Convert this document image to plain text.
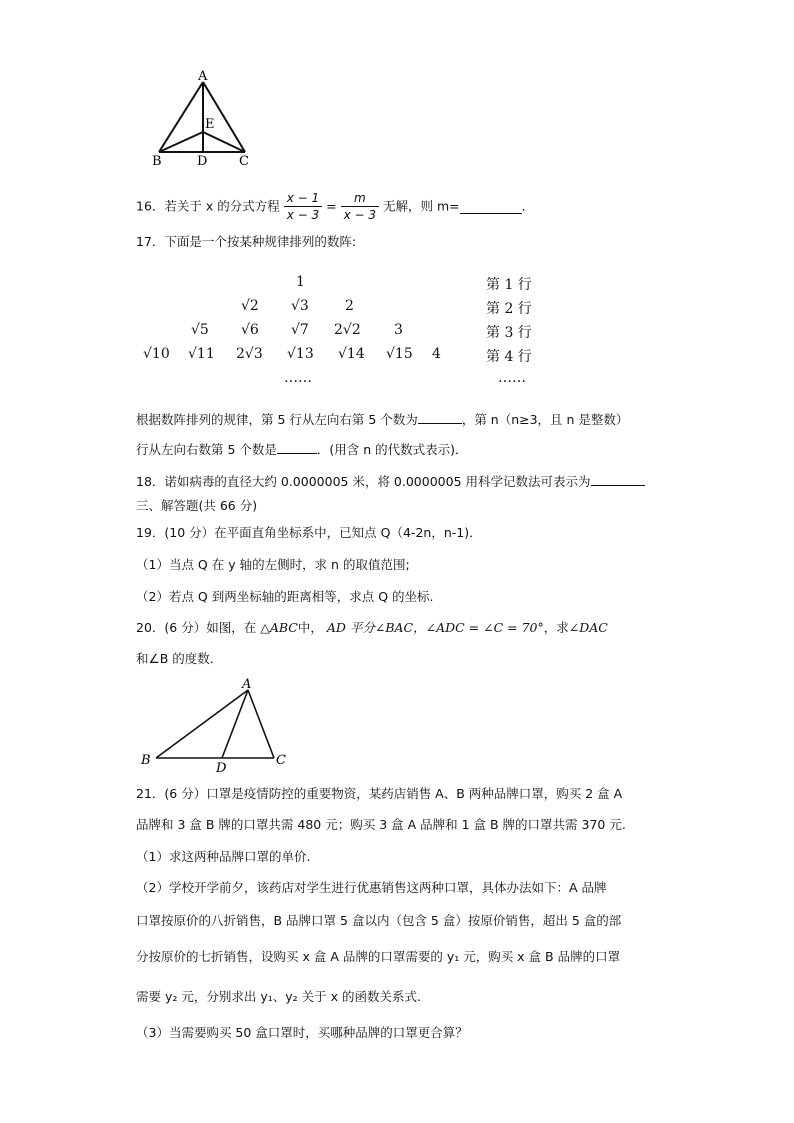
A
E
B	D C
16．若关于 x 的分式方程 $\frac{x - 1}{x - 3} = \frac{m}{x - 3}$ 无解，则 m=	.
17．下面是一个按某种规律排列的数阵:
1
√2 √3	2
√5 √6 √7 2√2 3
√10 √11 2√3 √13 √14 √15 4
……
第 1 行
第 2 行
第 3 行
第 4 行
……
根据数阵排列的规律，第 5 行从左向右第 5 个数为	，第 n（n≥3，且 n 是整数）
行从左向右数第 5 个数是	．(用含 n 的代数式表示)．
18．诺如病毒的直径大约 0.0000005 米，将 0.0000005 用科学记数法可表示为
三、解答题(共 66 分)
19．(10 分）在平面直角坐标系中，已知点 Q（4-2n，n-1)．
（1）当点 Q 在 y 轴的左侧时，求 n 的取值范围;
（2）若点 Q 到两坐标轴的距离相等，求点 Q 的坐标.
20．(6 分）如图，在 △ABC中， AD 平分∠BAC，∠ADC = ∠C = 70°，求∠DAC
和∠B 的度数.
A
B
D
C
21．(6 分）口罩是疫情防控的重要物资，某药店销售 A、B 两种品牌口罩，购买 2 盒 A
品牌和 3 盒 B 牌的口罩共需 480 元；购买 3 盒 A 品牌和 1 盒 B 牌的口罩共需 370 元.
（1）求这两种品牌口罩的单价.
（2）学校开学前夕，该药店对学生进行优惠销售这两种口罩，具体办法如下：A 品牌
口罩按原价的八折销售，B 品牌口罩 5 盒以内（包含 5 盒）按原价销售，超出 5 盒的部
分按原价的七折销售，设购买 x 盒 A 品牌的口罩需要的 y₁ 元，购买 x 盒 B 品牌的口罩
需要 y₂ 元，分别求出 y₁、y₂ 关于 x 的函数关系式.
（3）当需要购买 50 盒口罩时，买哪种品牌的口罩更合算？
